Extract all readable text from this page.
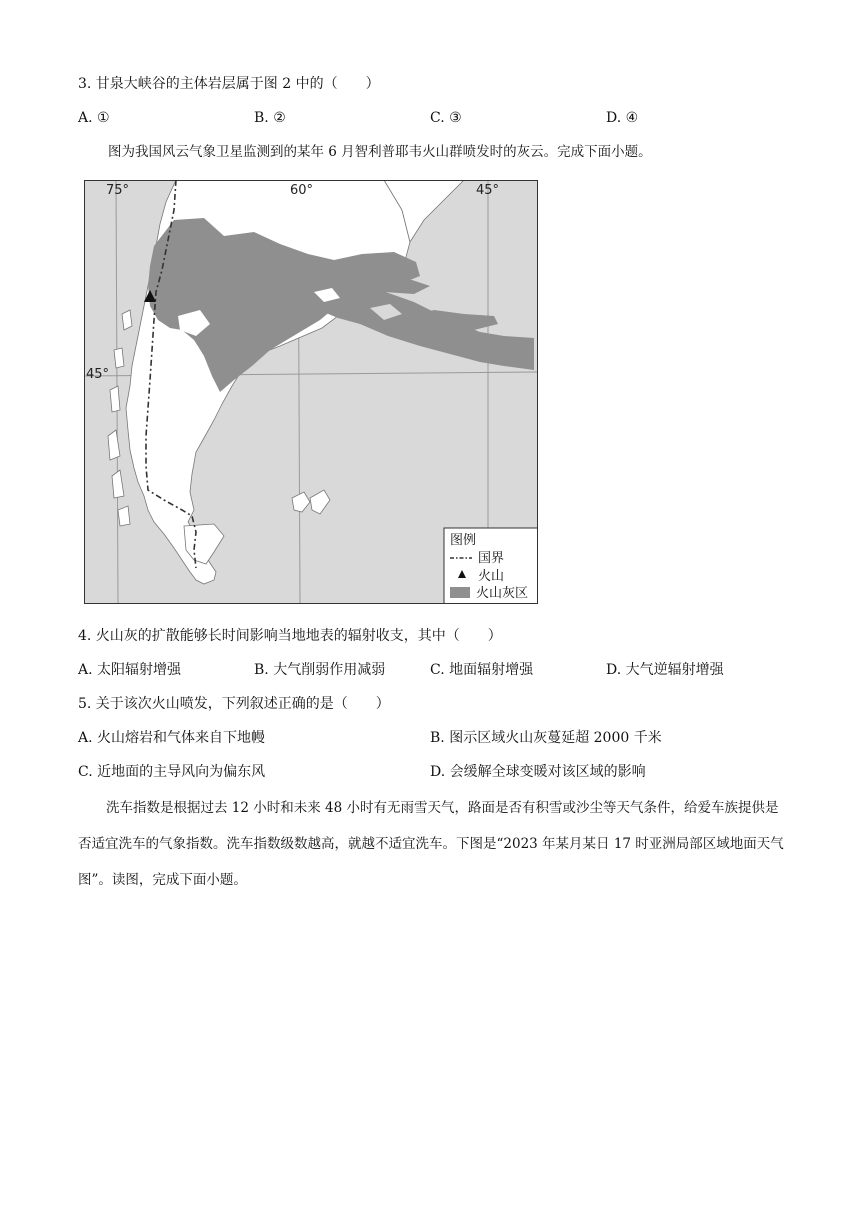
3. 甘泉大峡谷的主体岩层属于图 2 中的（　　）
A. ①	B. ②	C. ③	D. ④
图为我国风云气象卫星监测到的某年 6 月智利普耶韦火山群喷发时的灰云。完成下面小题。
75°	60°	45°
45°
图例
国界
火山
火山灰区
4. 火山灰的扩散能够长时间影响当地地表的辐射收支，其中（　　）
A. 太阳辐射增强	B. 大气削弱作用减弱	C. 地面辐射增强	D. 大气逆辐射增强
5. 关于该次火山喷发，下列叙述正确的是（　　）
A. 火山熔岩和气体来自下地幔	B. 图示区域火山灰蔓延超 2000 千米
C. 近地面的主导风向为偏东风	D. 会缓解全球变暖对该区域的影响
洗车指数是根据过去 12 小时和未来 48 小时有无雨雪天气，路面是否有积雪或沙尘等天气条件，给爱车族提供是否适宜洗车的气象指数。洗车指数级数越高，就越不适宜洗车。下图是“2023 年某月某日 17 时亚洲局部区域地面天气图”。读图，完成下面小题。
